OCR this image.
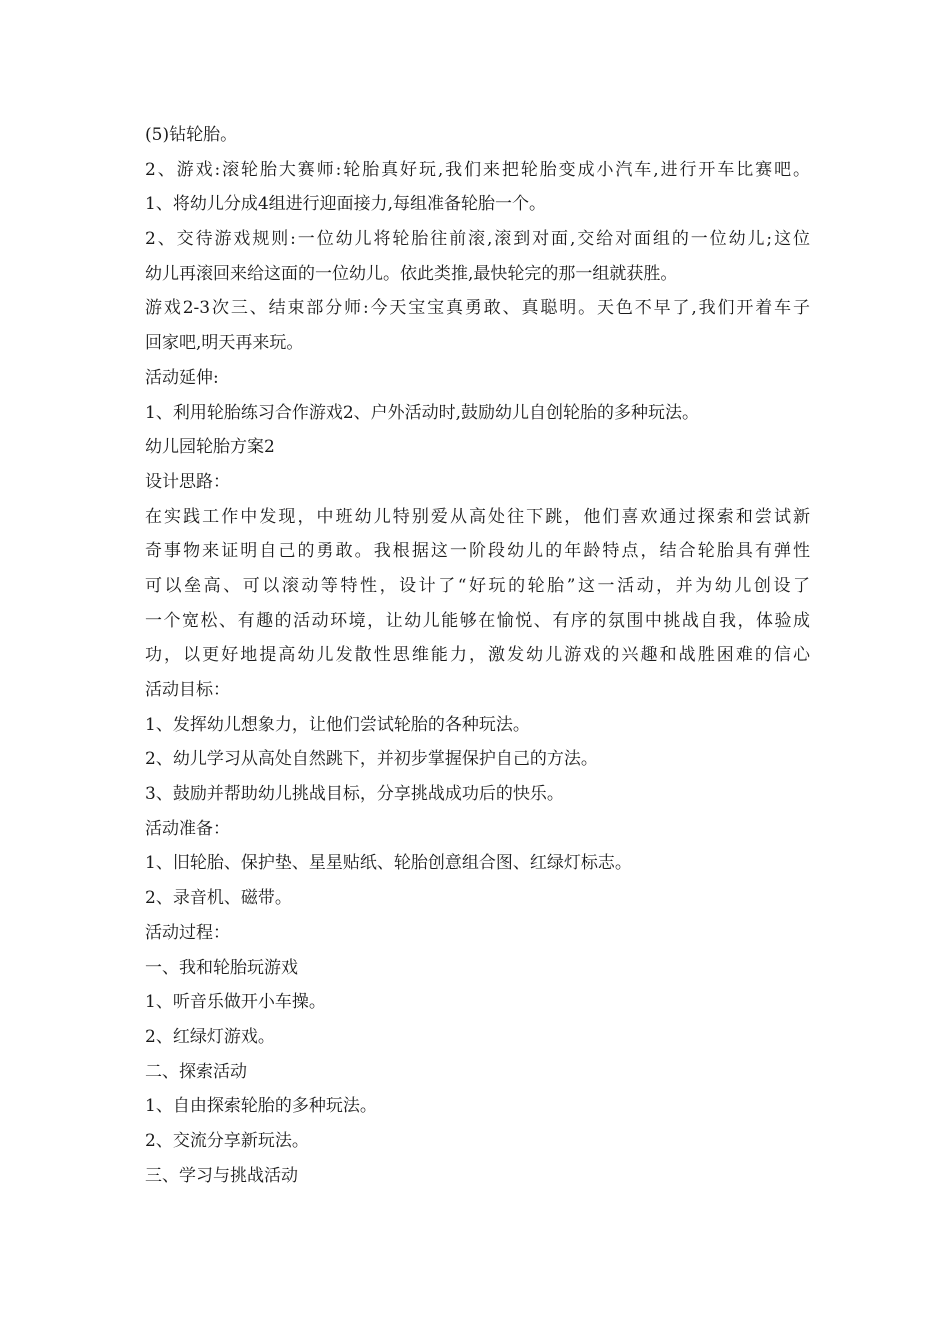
(5)钻轮胎。
2、游戏:滚轮胎大赛师:轮胎真好玩,我们来把轮胎变成小汽车,进行开车比赛吧。
1、将幼儿分成4组进行迎面接力,每组准备轮胎一个。
2、交待游戏规则:一位幼儿将轮胎往前滚,滚到对面,交给对面组的一位幼儿;这位
幼儿再滚回来给这面的一位幼儿。依此类推,最快轮完的那一组就获胜。
游戏2-3次三、结束部分师:今天宝宝真勇敢、真聪明。天色不早了,我们开着车子
回家吧,明天再来玩。
活动延伸:
1、利用轮胎练习合作游戏2、户外活动时,鼓励幼儿自创轮胎的多种玩法。
幼儿园轮胎方案2
设计思路：
在实践工作中发现，中班幼儿特别爱从高处往下跳，他们喜欢通过探索和尝试新
奇事物来证明自己的勇敢。我根据这一阶段幼儿的年龄特点，结合轮胎具有弹性
可以垒高、可以滚动等特性，设计了“好玩的轮胎”这一活动，并为幼儿创设了
一个宽松、有趣的活动环境，让幼儿能够在愉悦、有序的氛围中挑战自我，体验成
功，以更好地提高幼儿发散性思维能力，激发幼儿游戏的兴趣和战胜困难的信心
活动目标：
1、发挥幼儿想象力，让他们尝试轮胎的各种玩法。
2、幼儿学习从高处自然跳下，并初步掌握保护自己的方法。
3、鼓励并帮助幼儿挑战目标，分享挑战成功后的快乐。
活动准备：
1、旧轮胎、保护垫、星星贴纸、轮胎创意组合图、红绿灯标志。
2、录音机、磁带。
活动过程：
一、我和轮胎玩游戏
1、听音乐做开小车操。
2、红绿灯游戏。
二、探索活动
1、自由探索轮胎的多种玩法。
2、交流分享新玩法。
三、学习与挑战活动
